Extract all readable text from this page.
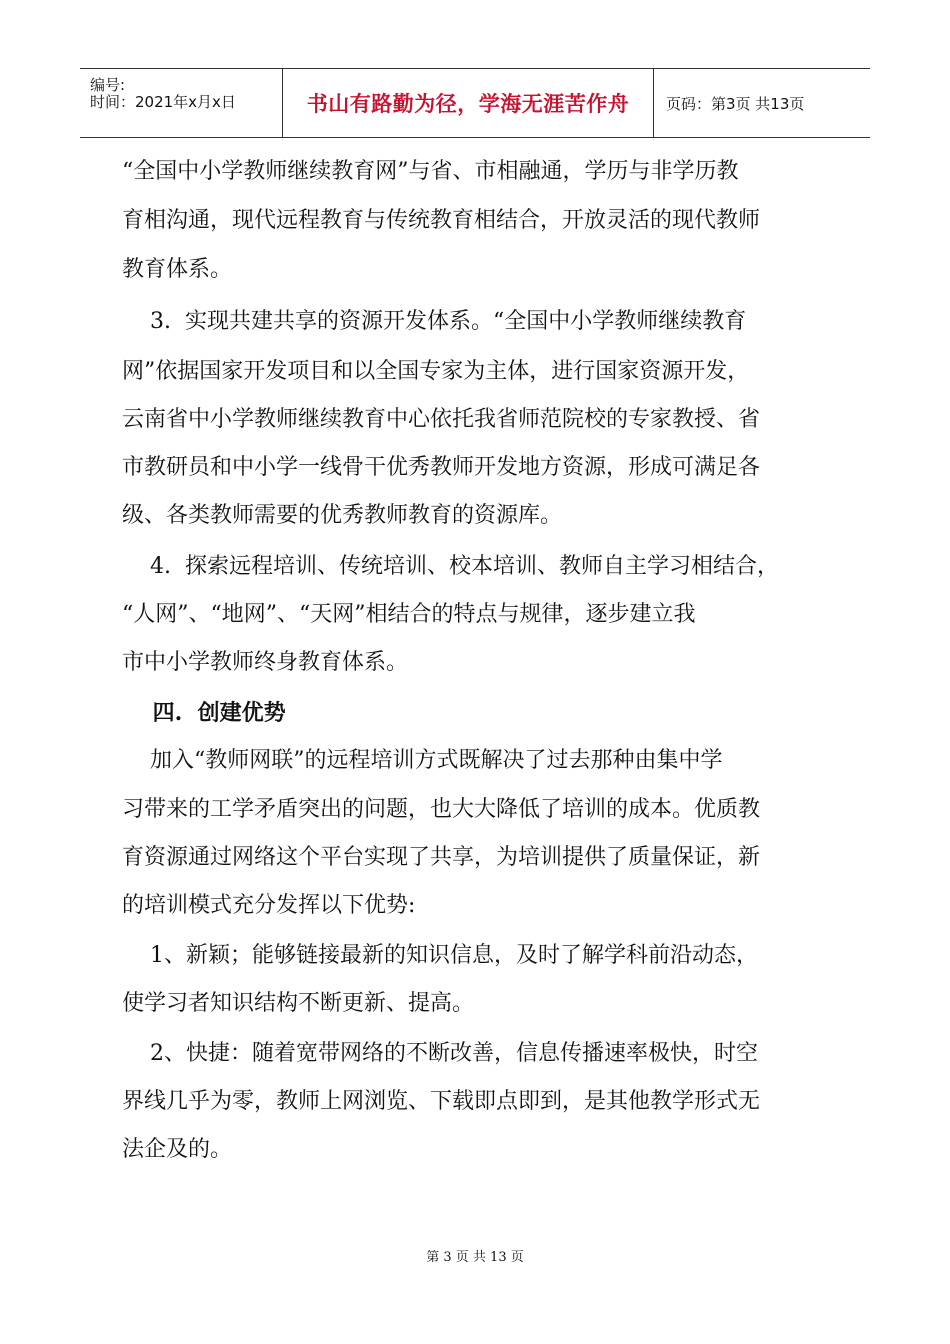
编号:
时间：2021年x月x日	书山有路勤为径，学海无涯苦作舟 页码：第3页 共13页
“全国中小学教师继续教育网”与省、市相融通，学历与非学历教
育相沟通，现代远程教育与传统教育相结合，开放灵活的现代教师
教育体系。
3.  实现共建共享的资源开发体系。“全国中小学教师继续教育
网”依据国家开发项目和以全国专家为主体，进行国家资源开发，
云南省中小学教师继续教育中心依托我省师范院校的专家教授、省
市教研员和中小学一线骨干优秀教师开发地方资源，形成可满足各
级、各类教师需要的优秀教师教育的资源库。
4.  探索远程培训、传统培训、校本培训、教师自主学习相结合，
“人网”、“地网”、“天网”相结合的特点与规律，逐步建立我
市中小学教师终身教育体系。
四.  创建优势
加入“教师网联”的远程培训方式既解决了过去那种由集中学
习带来的工学矛盾突出的问题，也大大降低了培训的成本。优质教
育资源通过网络这个平台实现了共享，为培训提供了质量保证，新
的培训模式充分发挥以下优势:
1、新颖；能够链接最新的知识信息，及时了解学科前沿动态，
使学习者知识结构不断更新、提高。
2、快捷：随着宽带网络的不断改善，信息传播速率极快，时空
界线几乎为零，教师上网浏览、下载即点即到，是其他教学形式无
法企及的。
第 3 页 共 13 页
